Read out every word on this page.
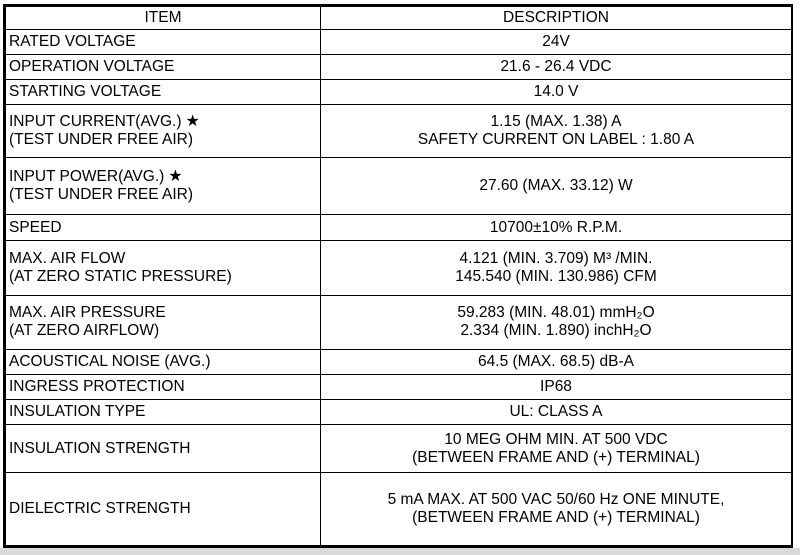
ITEM	DESCRIPTION

RATED VOLTAGE	24V

OPERATION VOLTAGE	21.6 - 26.4 VDC

STARTING VOLTAGE	14.0 V

INPUT CURRENT(AVG.) ★
(TEST UNDER FREE AIR)	1.15 (MAX. 1.38) A
SAFETY CURRENT ON LABEL : 1.80 A

INPUT POWER(AVG.) ★
(TEST UNDER FREE AIR)	27.60 (MAX. 33.12) W

SPEED	10700±10% R.P.M.

MAX. AIR FLOW
(AT ZERO STATIC PRESSURE)	4.121 (MIN. 3.709) M³ /MIN.
145.540 (MIN. 130.986) CFM

MAX. AIR PRESSURE
(AT ZERO AIRFLOW)	59.283 (MIN. 48.01) mmH₂O
2.334 (MIN. 1.890) inchH₂O

ACOUSTICAL NOISE (AVG.)	64.5 (MAX. 68.5) dB-A

INGRESS PROTECTION	IP68

INSULATION TYPE	UL: CLASS A

INSULATION STRENGTH	10 MEG OHM MIN. AT 500 VDC
(BETWEEN FRAME AND (+) TERMINAL)

DIELECTRIC STRENGTH	5 mA MAX. AT 500 VAC 50/60 Hz ONE MINUTE,
(BETWEEN FRAME AND (+) TERMINAL)
